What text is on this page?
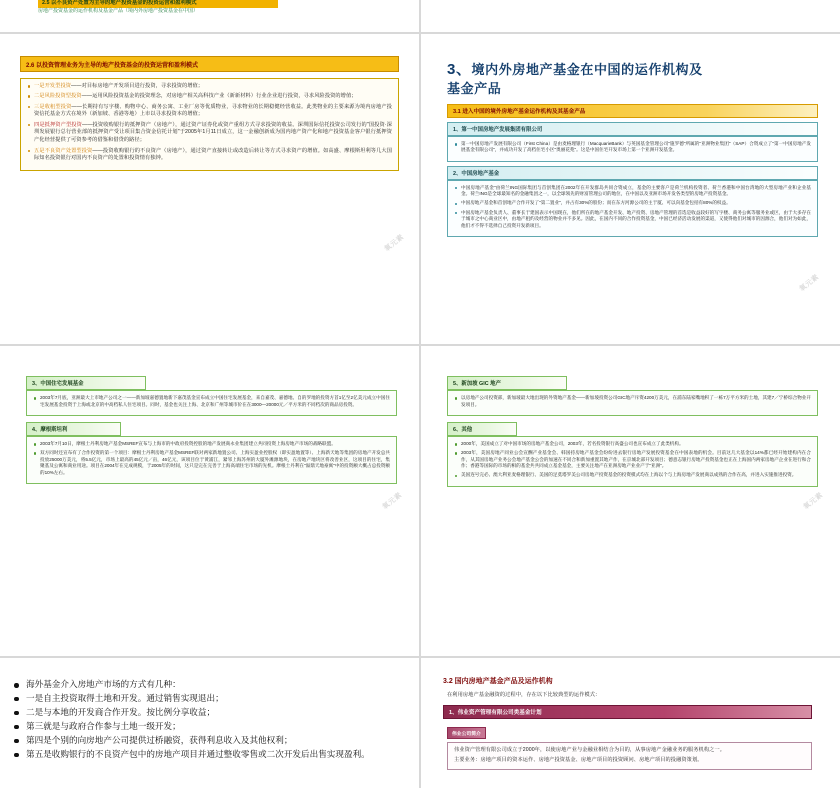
2.5 以不良资产处置为主导的地产投资基金的投资运营和盈利模式
房地产投资基金的运作机构及基金产品（境内外房地产投资基金在中国）
2.6 以投资管理业务为主导的地产投资基金的投资运营和盈利模式
一是开发型投资——对目标房地产开发项目进行投资，寻求投资的增值；
二是风险投资型投资——运用风险投资基金的投资理念，对房地产相关高科技产业（新新材料）行业企业进行投资，寻求风险投资的增值；
三是收租型投资——长期持有写字楼、购物中心、商务公寓、工业厂房等优质物业，寻求物业的长期稳健经营收益。此类物业的主要来源为境内房地产投资信托基金方式在境外（新加坡、香港等地）上市以寻求投资本的增值；
四是抵押资产型投资——投资收购银行的抵押资产（房地产），通过资产证券化或资产重组方式寻求投资的收益。深圳国际信托投资公司发行的"国投资·深圳发展银行总行营业部的抵押资产受让项目集合资金信托计划"于2005年1月11日成立，这一金融创新成为国内地产资产化和地产投资基金客户银行抵押资产化经营提供了可资参考的借鉴和借贷的路径；
五是不良资产处置型投资——投资收购银行的不良资产（房地产），通过资产直接转让或改造后转让等方式寻求资产的增值。如高盛、摩根斯坦利等几大国际知名投资银行对国内不良资产的处置和投资情有独钟。
氧元素
3、境内外房地产基金在中国的运作机构及
基金产品
3.1 进入中国的境外房地产基金运作机构及其基金产品
1、第一中国房地产发展集团有限公司
第一中国房地产发展有限公司（First China）是由麦格理银行（MacquarieBank）与英国基金管理公司"施罗德"所属的"亚洲物业集团"（SAP）合资成立了"第一中国房地产发展基金有限公司"，并成功开发了高档住宅小区"奥丽花苑"。这是中国住宅开发市场上第一个亚洲开发基金。
2、中国房地产基金
中国房地产基金"由荷兰ING国际集团与首创集团在2002年在开发群岛共同合资成立，基金的主要客户是荷兰机构投资者、荷兰香港和中国台湾地的大型房地产业和企业基金。荷兰ING是全球最知名的金融集团之一，以全球领先的财富管理公司的地位，在中国以及亚洲市场开发各类型的房地产投资基金。
中国房地产基金和首创地产合作开发了"第二置业"，并占有30%的股份；而在东方河源公司的主于厦、可以向基金包括有80%的权益。
中国房地产基金负责人、董事长于建国表示中国现在，他们所在的地产基金开发、地产投资、房地产管理的首选是收益较好的写字楼、商务公寓等服务业或区，由于大多存在于城市之中心商业区中，由地产租约及经营的物业并不多见。因此，在国内不同的合作投资基金，中国已经济活动发展的渠道，又使得他们对城市的因源合，他们对为如此，他们才不得不选择自己投资开发新项目。
氧元素
3、中国住宅发展基金
2003年7月底，亚洲最大上市地产公司之一——新加坡嘉德置地新下嘉茂基金宣布成立中国住宅发展基金，来自嘉茂、嘉德地、自的罗地的投资方首1亿至2亿美元成立中国住宅发展基金投资于上海或北京的中高档私人住宅项目。同时，基金也关注上海、北京和广州等城市价在在3000—20000元／平方米的不同档次的商品房投资。
4、摩根斯坦利
2003年7月10日，摩根士丹利房地产基金MSREF宣布与上海市的中政府投资控股的地产发展商永业集团建立共同投资上海房地产市场的战略联盟。
双方同时还宣布有了合作投资的第一个项目：摩根士丹利房地产基金MSREF联对两家新地置公司、上海实盈业控股权（即实盈地置等）、上海新天地等集团的房地产开发总共投放25000万美元，将5.5亿元，市场上最高的45亿元／亩，46亿元，该项目位于黄浦江，紧邻上海苏州的大厦外滩源地块，在房地产地块区将改善业区，这项目的住宅，集聚基及公寓和商业用途。项目在2004年在完成规模，于2005年的时间，这只是完在完善于上海高端住宅市场的先机。摩根士丹利在"溢鼎天地豪寓"中的投资额大概占总投资额的10%左右。
氧元素
5、新加坡 GIC 地产
以房地产公司投资部，新加坡最大地出现的外资地产基金——新加坡投资公司GIC地产斥资4200万美元，在浦东陆家嘴地积了一栋7万平方米的土地，其建7／宁桥综合物业开发项目。
6、其他
2000年，美国成立了对中国市场的房地产基金公司，2003年，若名投资银行高盛公司也宣布成立了此类机构。
2003年，美国房地产同业公会宣酬产业基金会、韩国持房地产基金会纷纷进去银行房地产发展投资基金在中国表地的机会。目前这几大基金以14%都已经开始建构内在合作，从其国房地产业务公会地产基金公会的加速在不同合和新加重置其地产作，在京城北部开发项目；德意志银行房地产投资基金也正在上海国内两家房地产企业在进行和合作；香港等国际的市场的相的基金共共同成立基金基金，主要关注地产在亚洲房地产业业产于"亚洲"。
美国连号完必、澳大利亚麦格理银行、美国的足莫塔罗美公司房地产投资基金的投资模式均在上海以个与上海房地产发展商以成熟的合作在高，并进入实施推进投资。
氧元素
海外基金介入房地产市场的方式有几种：
一是自主投资取得土地和开发。通过销售实现退出；
二是与本地的开发商合作开发。按比例分享收益；
第三就是与政府合作参与土地一级开发；
第四是个别的向房地产公司提供过桥融资，获得利息收入及其他权利；
第五是收购银行的不良资产包中的房地产项目并通过整收零售或二次开发后出售实现盈利。
3.2 国内房地产基金产品及运作机构
在利用房地产基金融资的过程中，存在以下比较典型的运作模式：
1、伟业资产管理有限公司类基金计划
伟业公司简介
伟业资产管理有限公司成立于2000年，以使房地产业与金融业相结合为目的，从事房地产金融业务的服务机构之一。
主要业务：房地产项目的资本运作、房地产投资基金、房地产项目的投资顾问、房地产项目的投融资策划。
